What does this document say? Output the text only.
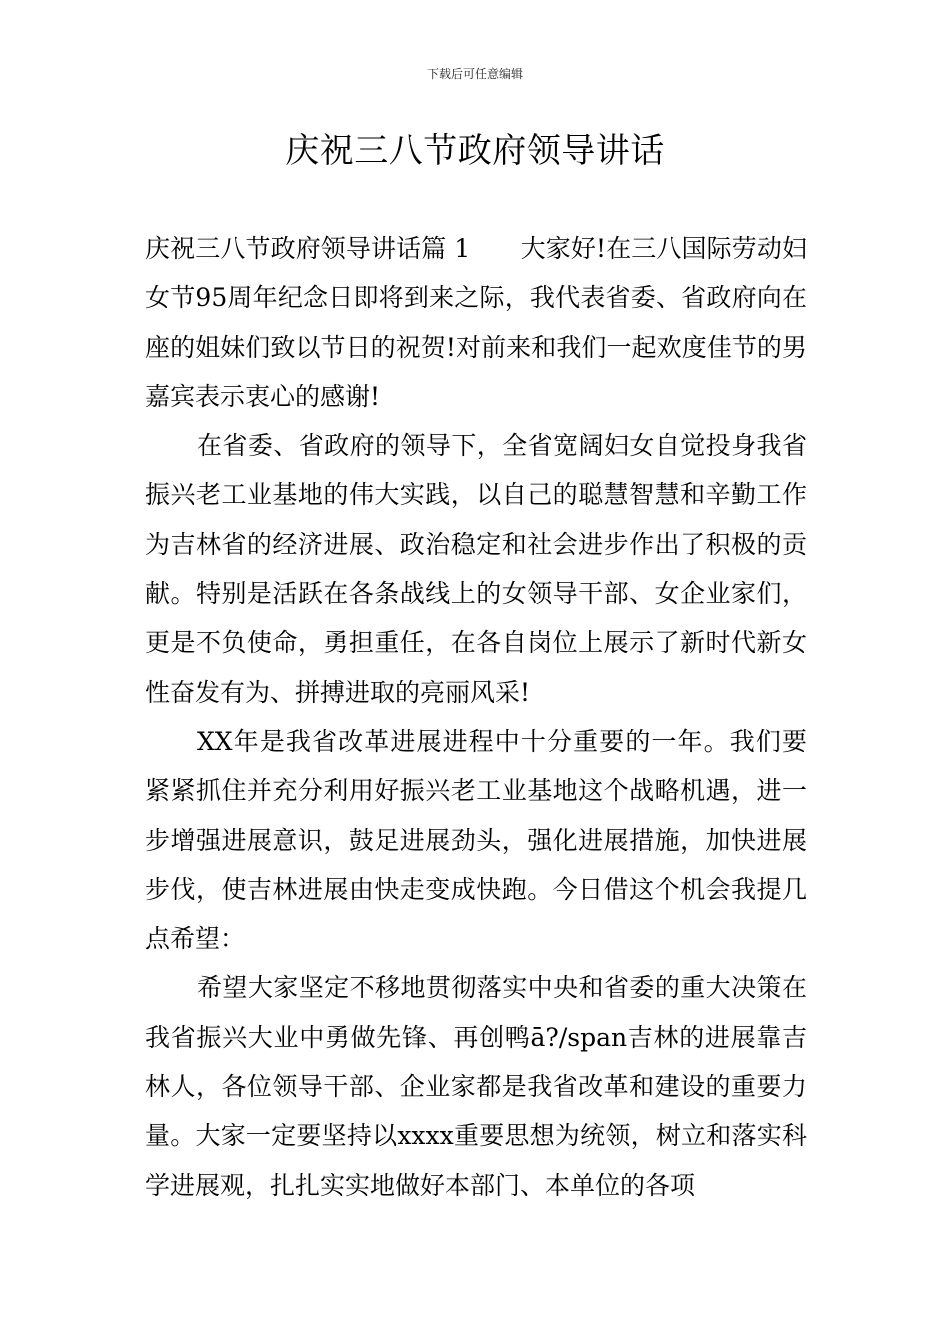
下载后可任意编辑
庆祝三八节政府领导讲话

庆祝三八节政府领导讲话篇 1　　大家好!在三八国际劳动妇女节95周年纪念日即将到来之际，我代表省委、省政府向在座的姐妹们致以节日的祝贺!对前来和我们一起欢度佳节的男嘉宾表示衷心的感谢!

在省委、省政府的领导下，全省宽阔妇女自觉投身我省振兴老工业基地的伟大实践，以自己的聪慧智慧和辛勤工作为吉林省的经济进展、政治稳定和社会进步作出了积极的贡献。特别是活跃在各条战线上的女领导干部、女企业家们，更是不负使命，勇担重任，在各自岗位上展示了新时代新女性奋发有为、拼搏进取的亮丽风采!

XX年是我省改革进展进程中十分重要的一年。我们要紧紧抓住并充分利用好振兴老工业基地这个战略机遇，进一步增强进展意识，鼓足进展劲头，强化进展措施，加快进展步伐，使吉林进展由快走变成快跑。今日借这个机会我提几点希望：

希望大家坚定不移地贯彻落实中央和省委的重大决策在我省振兴大业中勇做先锋、再创鸭ā?/span吉林的进展靠吉林人，各位领导干部、企业家都是我省改革和建设的重要力量。大家一定要坚持以xxxx重要思想为统领，树立和落实科学进展观，扎扎实实地做好本部门、本单位的各项
